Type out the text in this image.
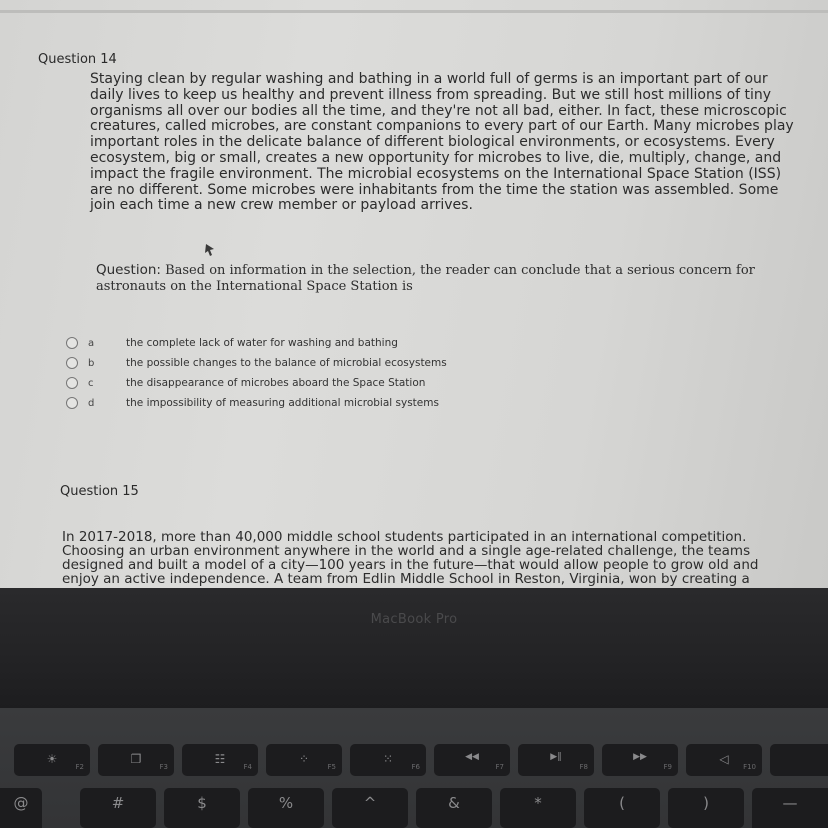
Question 14

Staying clean by regular washing and bathing in a world full of germs is an important part of our daily lives to keep us healthy and prevent illness from spreading. But we still host millions of tiny organisms all over our bodies all the time, and they're not all bad, either. In fact, these microscopic creatures, called microbes, are constant companions to every part of our Earth. Many microbes play important roles in the delicate balance of different biological environments, or ecosystems. Every ecosystem, big or small, creates a new opportunity for microbes to live, die, multiply, change, and impact the fragile environment. The microbial ecosystems on the International Space Station (ISS) are no different. Some microbes were inhabitants from the time the station was assembled. Some join each time a new crew member or payload arrives.

Question: Based on information in the selection, the reader can conclude that a serious concern for astronauts on the International Space Station is

a	the complete lack of water for washing and bathing
b	the possible changes to the balance of microbial ecosystems
c	the disappearance of microbes aboard the Space Station
d	the impossibility of measuring additional microbial systems
Question 15

In 2017-2018, more than 40,000 middle school students participated in an international competition. Choosing an urban environment anywhere in the world and a single age-related challenge, the teams designed and built a model of a city—100 years in the future—that would allow people to grow old and enjoy an active independence. A team from Edlin Middle School in Reston, Virginia, won by creating a

MacBook Pro
☀
F2
❐
F3
☷
F4
⁘
F5
⁙
F6
◀◀
F7
▶‖
F8
▶▶
F9
◁
F10
@	#	$	%	^	&	*	(	)	—
